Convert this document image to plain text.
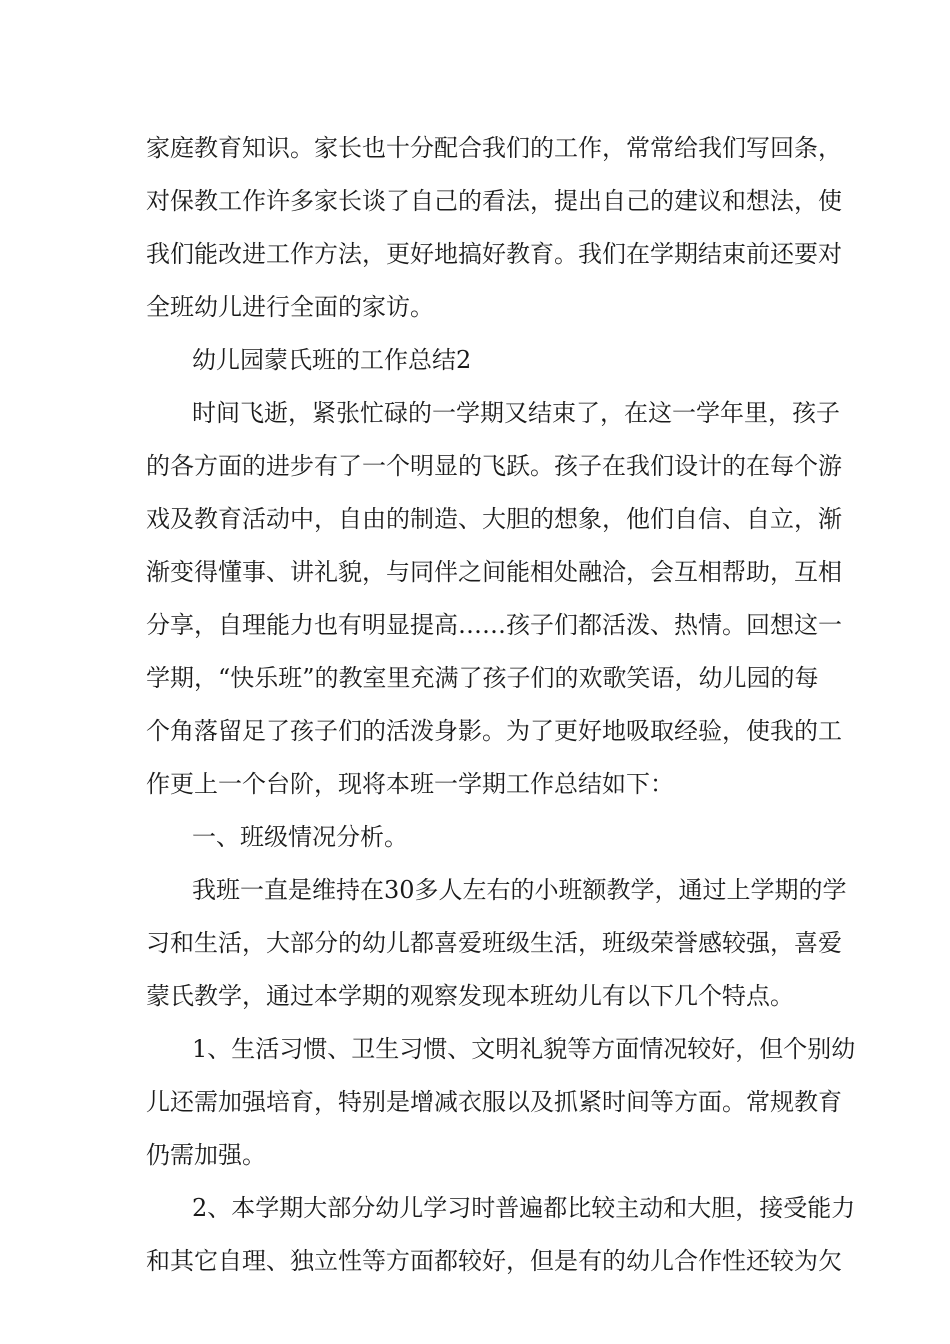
家庭教育知识。家长也十分配合我们的工作，常常给我们写回条，
对保教工作许多家长谈了自己的看法，提出自己的建议和想法，使
我们能改进工作方法，更好地搞好教育。我们在学期结束前还要对
全班幼儿进行全面的家访。
幼儿园蒙氏班的工作总结2
时间飞逝，紧张忙碌的一学期又结束了，在这一学年里，孩子
的各方面的进步有了一个明显的飞跃。孩子在我们设计的在每个游
戏及教育活动中，自由的制造、大胆的想象，他们自信、自立，渐
渐变得懂事、讲礼貌，与同伴之间能相处融洽，会互相帮助，互相
分享，自理能力也有明显提高……孩子们都活泼、热情。回想这一
学期，“快乐班”的教室里充满了孩子们的欢歌笑语，幼儿园的每
个角落留足了孩子们的活泼身影。为了更好地吸取经验，使我的工
作更上一个台阶，现将本班一学期工作总结如下：
一、班级情况分析。
我班一直是维持在30多人左右的小班额教学，通过上学期的学
习和生活，大部分的幼儿都喜爱班级生活，班级荣誉感较强，喜爱
蒙氏教学，通过本学期的观察发现本班幼儿有以下几个特点。
1、生活习惯、卫生习惯、文明礼貌等方面情况较好，但个别幼
儿还需加强培育，特别是增减衣服以及抓紧时间等方面。常规教育
仍需加强。
2、本学期大部分幼儿学习时普遍都比较主动和大胆，接受能力
和其它自理、独立性等方面都较好，但是有的幼儿合作性还较为欠
